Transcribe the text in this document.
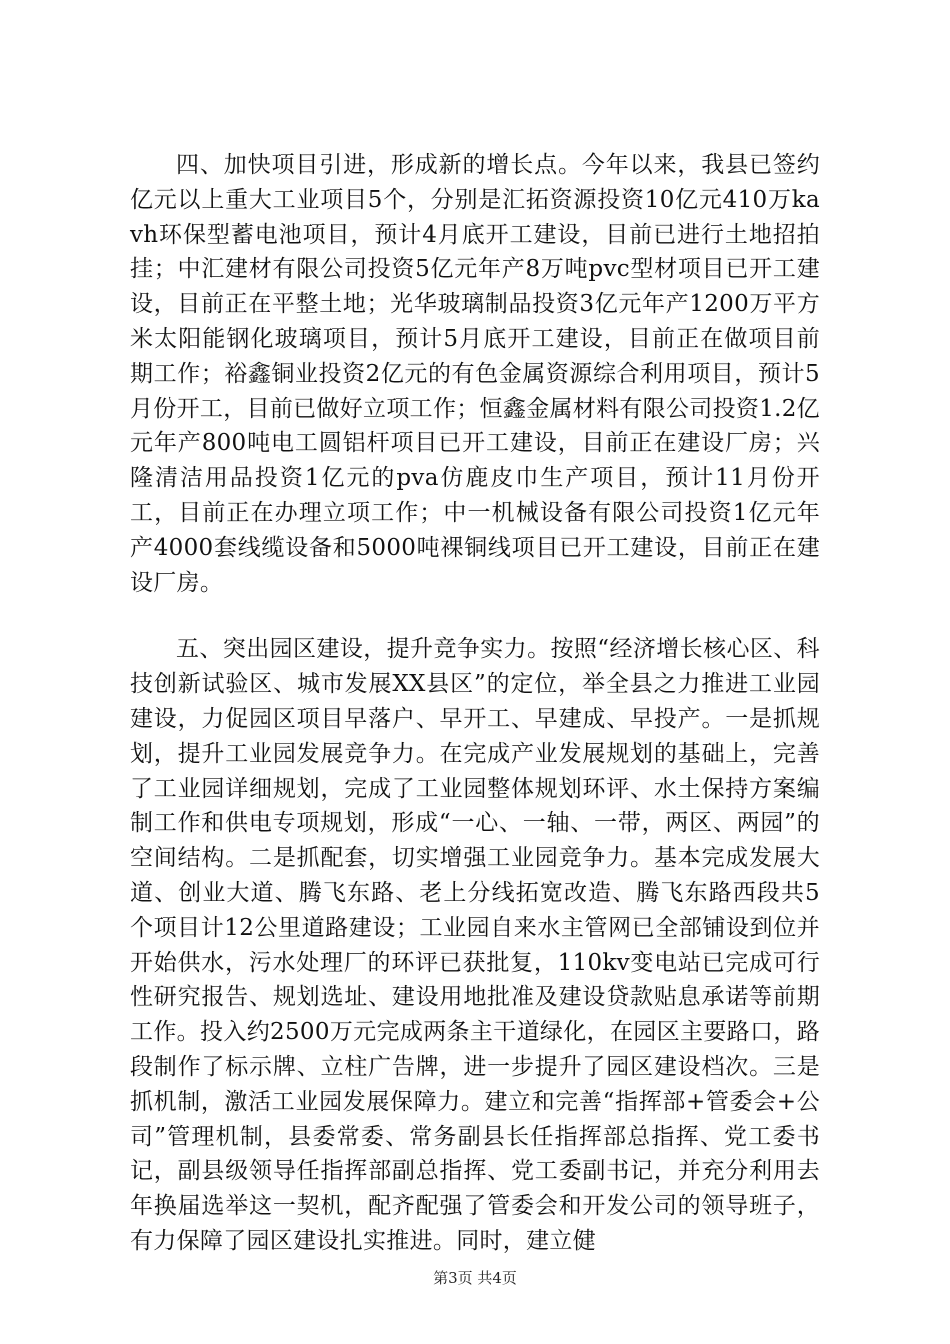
四、加快项目引进，形成新的增长点。今年以来，我县已签约亿元以上重大工业项目5个，分别是汇拓资源投资10亿元410万kavh环保型蓄电池项目，预计4月底开工建设，目前已进行土地招拍挂；中汇建材有限公司投资5亿元年产8万吨pvc型材项目已开工建设，目前正在平整土地；光华玻璃制品投资3亿元年产1200万平方米太阳能钢化玻璃项目，预计5月底开工建设，目前正在做项目前期工作；裕鑫铜业投资2亿元的有色金属资源综合利用项目，预计5月份开工，目前已做好立项工作；恒鑫金属材料有限公司投资1.2亿元年产800吨电工圆铝杆项目已开工建设，目前正在建设厂房；兴隆清洁用品投资1亿元的pva仿鹿皮巾生产项目，预计11月份开工，目前正在办理立项工作；中一机械设备有限公司投资1亿元年产4000套线缆设备和5000吨裸铜线项目已开工建设，目前正在建设厂房。

五、突出园区建设，提升竞争实力。按照“经济增长核心区、科技创新试验区、城市发展XX县区”的定位，举全县之力推进工业园建设，力促园区项目早落户、早开工、早建成、早投产。一是抓规划，提升工业园发展竞争力。在完成产业发展规划的基础上，完善了工业园详细规划，完成了工业园整体规划环评、水土保持方案编制工作和供电专项规划，形成“一心、一轴、一带，两区、两园”的空间结构。二是抓配套，切实增强工业园竞争力。基本完成发展大道、创业大道、腾飞东路、老上分线拓宽改造、腾飞东路西段共5个项目计12公里道路建设；工业园自来水主管网已全部铺设到位并开始供水，污水处理厂的环评已获批复，110kv变电站已完成可行性研究报告、规划选址、建设用地批准及建设贷款贴息承诺等前期工作。投入约2500万元完成两条主干道绿化，在园区主要路口，路段制作了标示牌、立柱广告牌，进一步提升了园区建设档次。三是抓机制，激活工业园发展保障力。建立和完善“指挥部+管委会+公司”管理机制，县委常委、常务副县长任指挥部总指挥、党工委书记，副县级领导任指挥部副总指挥、党工委副书记，并充分利用去年换届选举这一契机，配齐配强了管委会和开发公司的领导班子，有力保障了园区建设扎实推进。同时，建立健

第3页 共4页
